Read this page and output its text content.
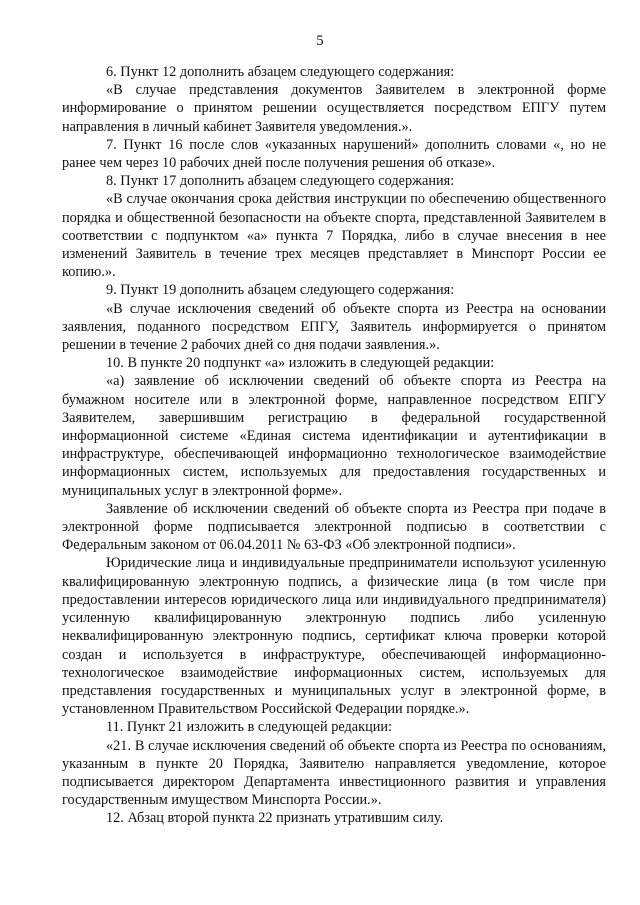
5

6. Пункт 12 дополнить абзацем следующего содержания:

«В случае представления документов Заявителем в электронной форме информирование о принятом решении осуществляется посредством ЕПГУ путем направления в личный кабинет Заявителя уведомления.».

7. Пункт 16 после слов «указанных нарушений» дополнить словами «, но не ранее чем через 10 рабочих дней после получения решения об отказе».

8. Пункт 17 дополнить абзацем следующего содержания:

«В случае окончания срока действия инструкции по обеспечению общественного порядка и общественной безопасности на объекте спорта, представленной Заявителем в соответствии с подпунктом «а» пункта 7 Порядка, либо в случае внесения в нее изменений Заявитель в течение трех месяцев представляет в Минспорт России ее копию.».

9. Пункт 19 дополнить абзацем следующего содержания:

«В случае исключения сведений об объекте спорта из Реестра на основании заявления, поданного посредством ЕПГУ, Заявитель информируется о принятом решении в течение 2 рабочих дней со дня подачи заявления.».

10. В пункте 20 подпункт «а» изложить в следующей редакции:

«а) заявление об исключении сведений об объекте спорта из Реестра на бумажном носителе или в электронной форме, направленное посредством ЕПГУ Заявителем, завершившим регистрацию в федеральной государственной информационной системе «Единая система идентификации и аутентификации в инфраструктуре, обеспечивающей информационно технологическое взаимодействие информационных систем, используемых для предоставления государственных и муниципальных услуг в электронной форме».

Заявление об исключении сведений об объекте спорта из Реестра при подаче в электронной форме подписывается электронной подписью в соответствии с Федеральным законом от 06.04.2011 № 63-ФЗ «Об электронной подписи».

Юридические лица и индивидуальные предприниматели используют усиленную квалифицированную электронную подпись, а физические лица (в том числе при предоставлении интересов юридического лица или индивидуального предпринимателя) усиленную квалифицированную электронную подпись либо усиленную неквалифицированную электронную подпись, сертификат ключа проверки которой создан и используется в инфраструктуре, обеспечивающей информационно-технологическое взаимодействие информационных систем, используемых для представления государственных и муниципальных услуг в электронной форме, в установленном Правительством Российской Федерации порядке.».

11. Пункт 21 изложить в следующей редакции:

«21. В случае исключения сведений об объекте спорта из Реестра по основаниям, указанным в пункте 20 Порядка, Заявителю направляется уведомление, которое подписывается директором Департамента инвестиционного развития и управления государственным имуществом Минспорта России.».

12. Абзац второй пункта 22 признать утратившим силу.
